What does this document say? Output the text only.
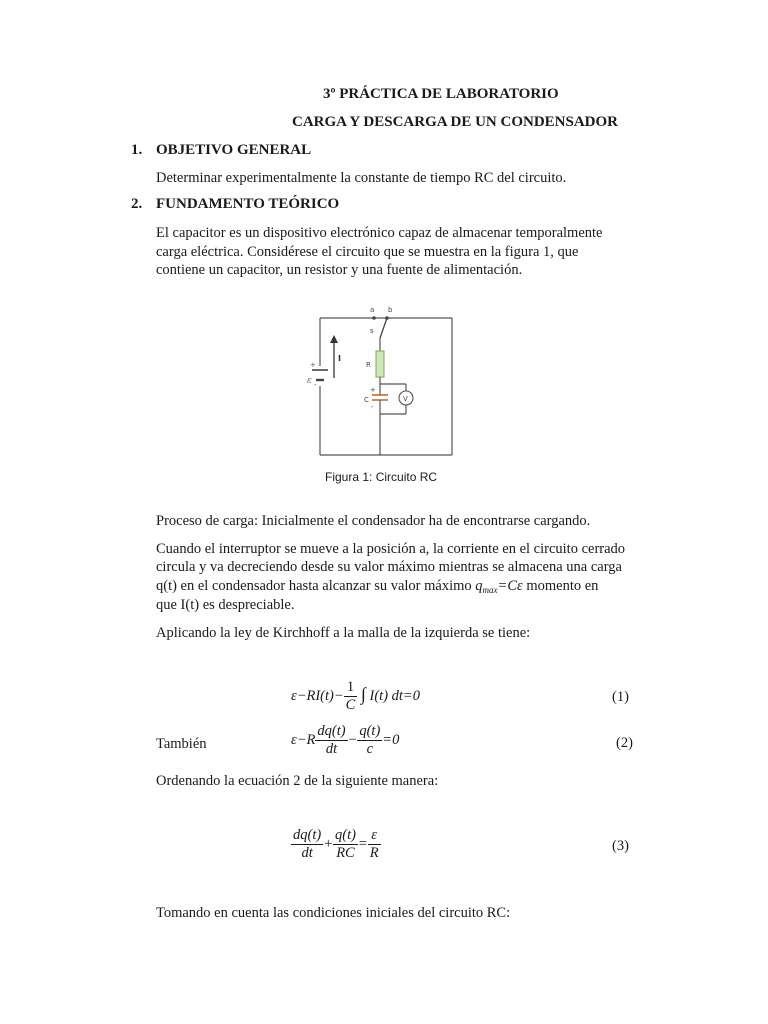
3º PRÁCTICA DE LABORATORIO
CARGA Y DESCARGA DE UN CONDENSADOR
1. OBJETIVO GENERAL
Determinar experimentalmente la constante de tiempo RC del circuito.
2. FUNDAMENTO TEÓRICO
El capacitor es un dispositivo electrónico capaz de almacenar temporalmente
carga eléctrica. Considérese el circuito que se muestra en la figura 1, que
contiene un capacitor, un resistor y una fuente de alimentación.
+
ε -
I
a b
s
R
+
C
-
V
Figura 1: Circuito RC
Proceso de carga: Inicialmente el condensador ha de encontrarse cargando.
Cuando el interruptor se mueve a la posición a, la corriente en el circuito cerrado
circula y va decreciendo desde su valor máximo mientras se almacena una carga
q(t) en el condensador hasta alcanzar su valor máximo $q_{max}=C\varepsilon$ momento en
que I(t) es despreciable.
Aplicando la ley de Kirchhoff a la malla de la izquierda se tiene:
$\varepsilon-RI(t)- \frac{1}{C}$ ∫ I(t) dt=0	(1)
También	$\varepsilon-R \frac{dq(t)}{dt} - \frac{q(t)}{c} =0$	(2)
Ordenando la ecuación 2 de la siguiente manera:
$\frac{dq(t)}{dt} + \frac{q(t)}{RC} = \frac{\varepsilon}{R}$	(3)
Tomando en cuenta las condiciones iniciales del circuito RC:
